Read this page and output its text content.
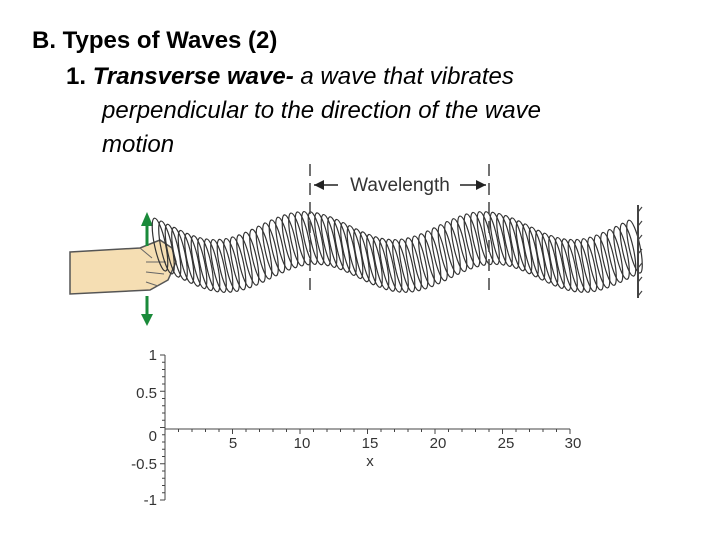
B. Types of Waves (2)
1. Transverse wave- a wave that vibrates
perpendicular to the direction of the wave
motion
Wavelength
1
0.5
0
-0.5
-1
5	10	15	20	25	30
x
